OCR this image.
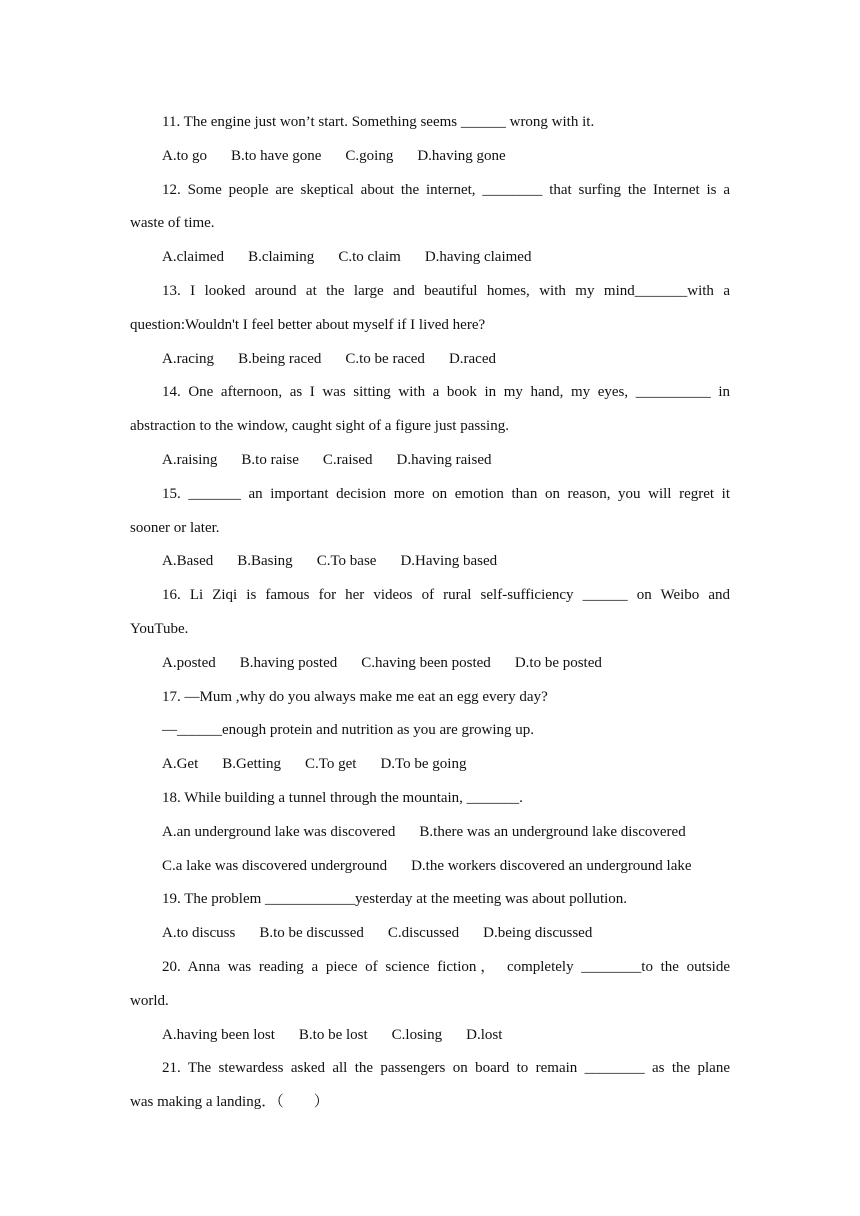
11. The engine just won’t start. Something seems ______ wrong with it.

A.to go B.to have gone C.going D.having gone

12. Some people are skeptical about the internet, ________ that surfing the Internet is a
waste of time.

A.claimed B.claiming C.to claim D.having claimed

13. I looked around at the large and beautiful homes, with my mind_______with a
question:Wouldn't I feel better about myself if I lived here?

A.racing B.being raced C.to be raced D.raced

14. One afternoon, as I was sitting with a book in my hand, my eyes, __________ in
abstraction to the window, caught sight of a figure just passing.

A.raising B.to raise C.raised D.having raised

15. _______ an important decision more on emotion than on reason, you will regret it
sooner or later.

A.Based B.Basing C.To base D.Having based

16. Li Ziqi is famous for her videos of rural self-sufficiency ______ on Weibo and
YouTube.

A.posted B.having posted C.having been posted D.to be posted

17. —Mum ,why do you always make me eat an egg every day?

—______enough protein and nutrition as you are growing up.

A.Get B.Getting C.To get D.To be going

18. While building a tunnel through the mountain, _______.

A.an underground lake was discovered B.there was an underground lake discovered

C.a lake was discovered underground D.the workers discovered an underground lake

19. The problem ____________yesterday at the meeting was about pollution.

A.to discuss B.to be discussed C.discussed D.being discussed

20. Anna was reading a piece of science fiction， completely ________to the outside
world.

A.having been lost B.to be lost C.losing D.lost

21. The stewardess asked all the passengers on board to remain ________ as the plane
was making a landing．（　　）
